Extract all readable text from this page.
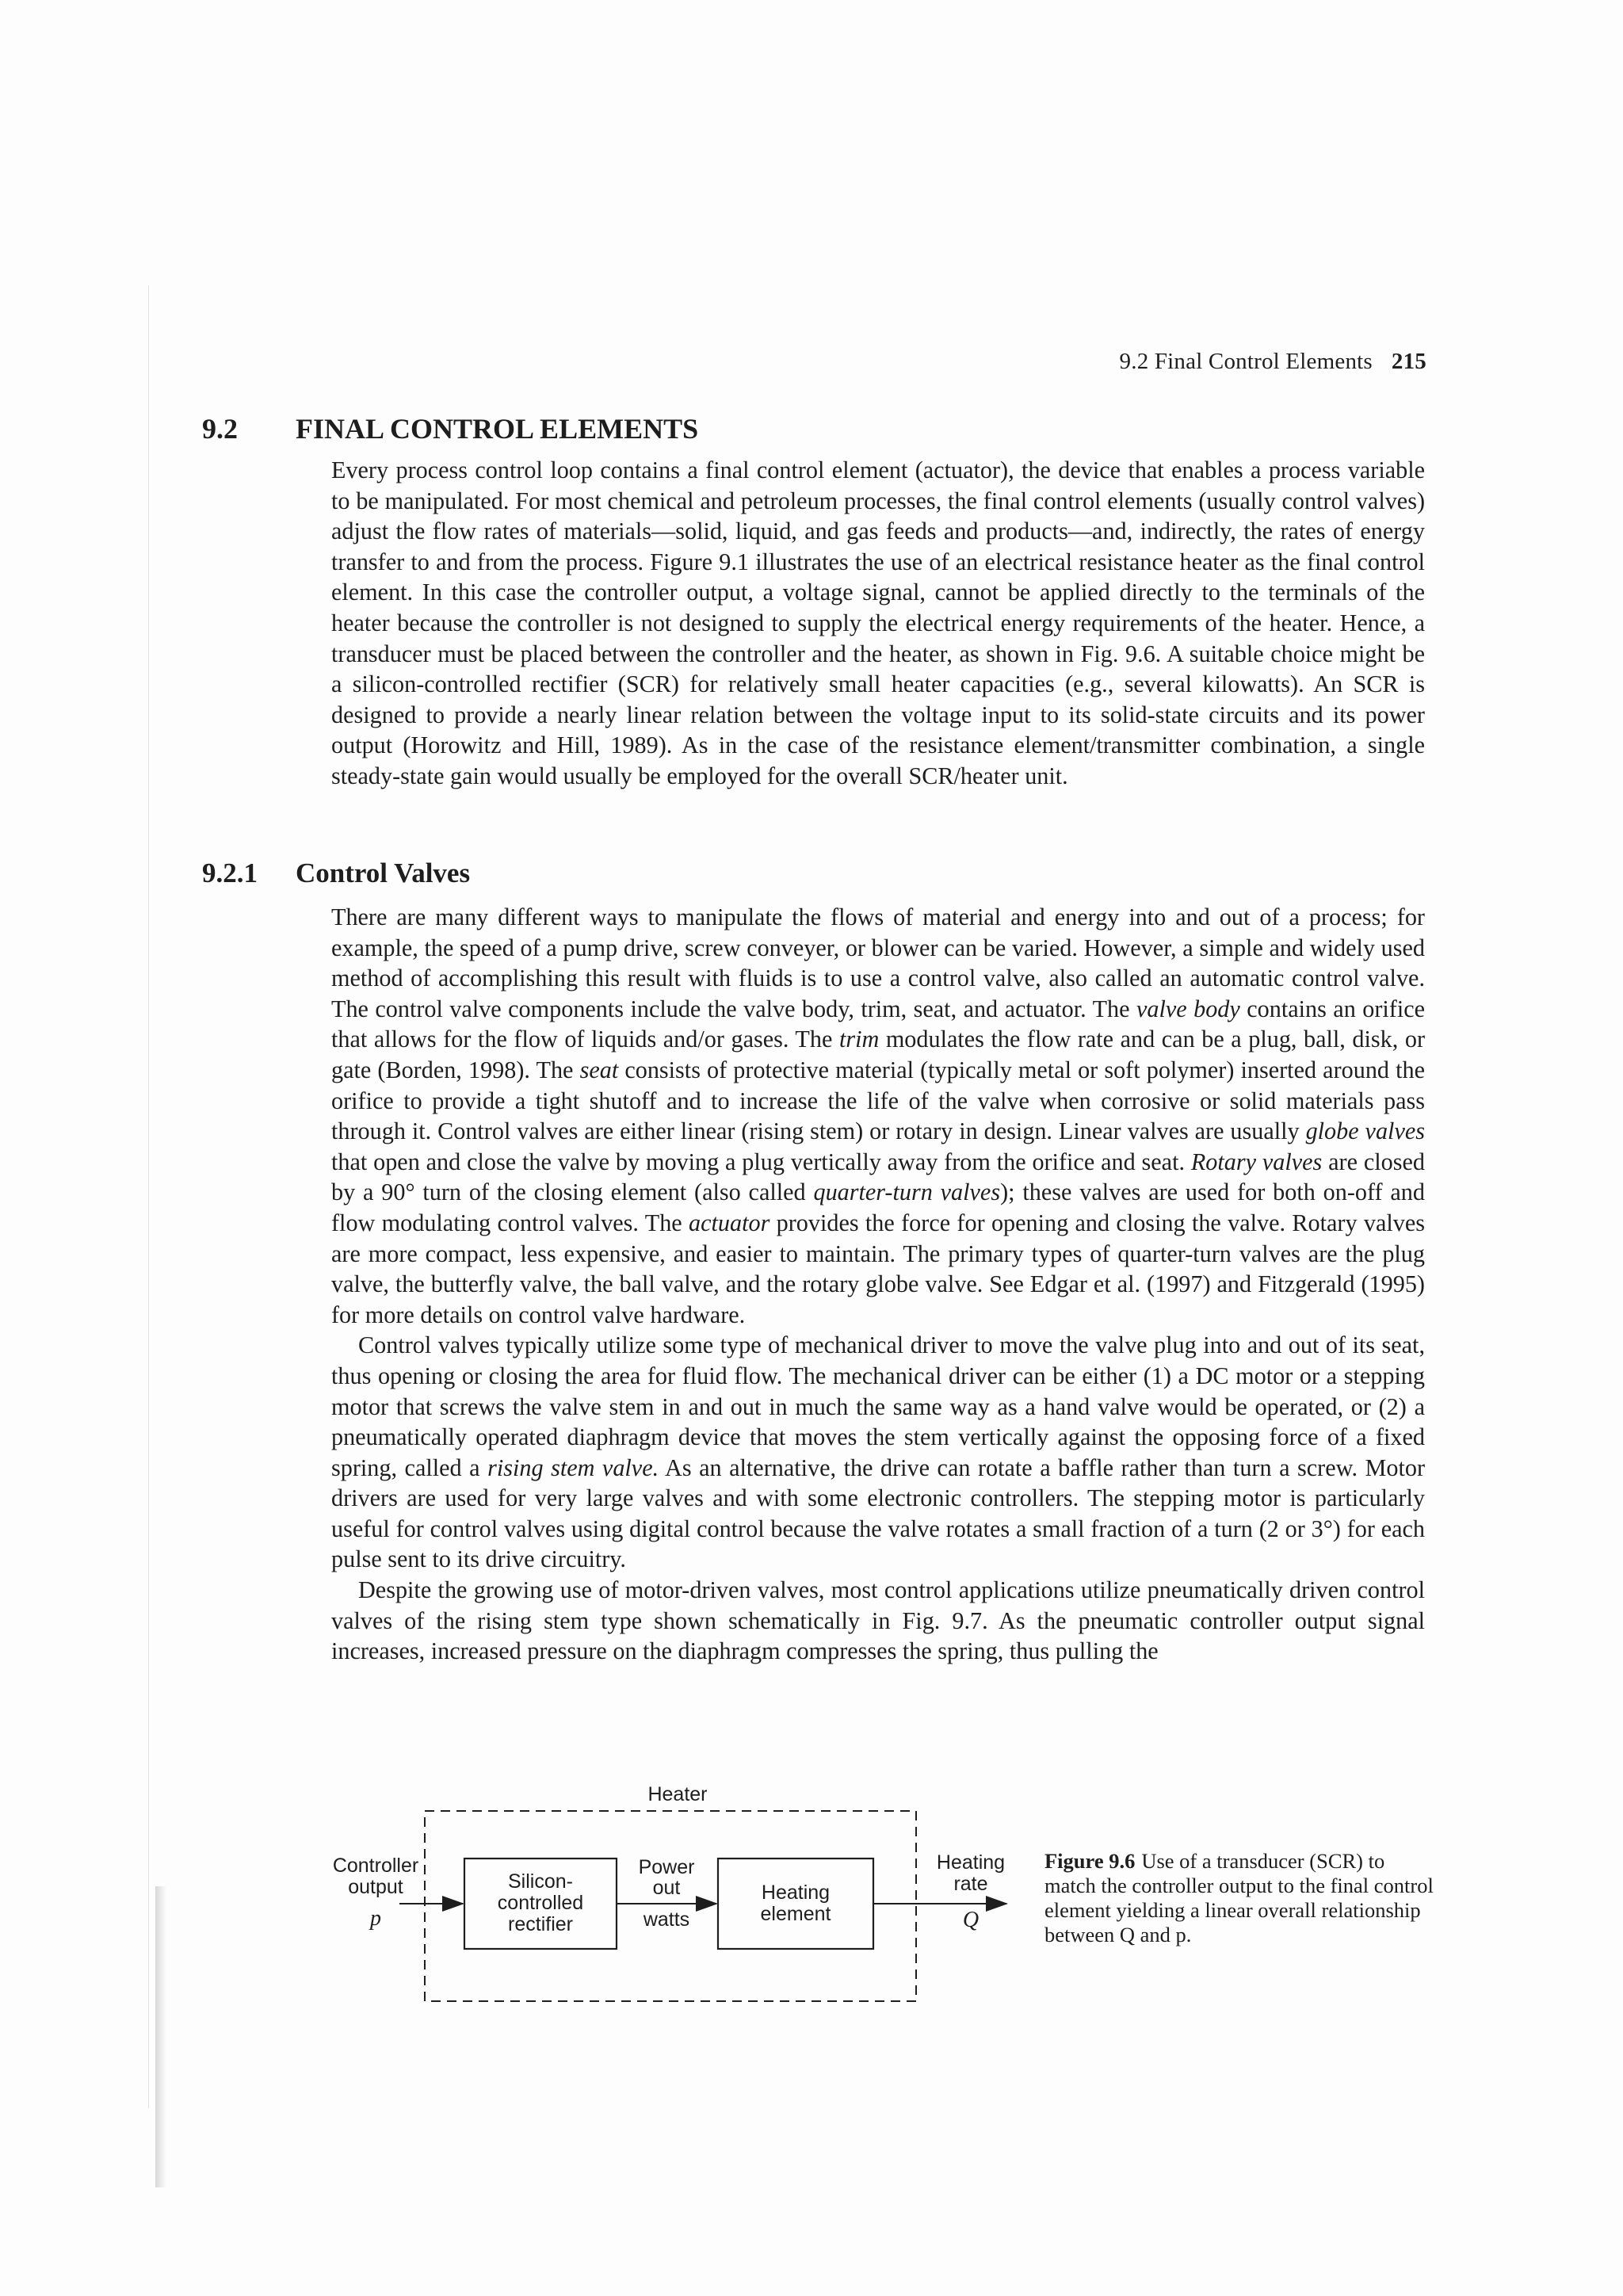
9.2 Final Control Elements 215
9.2 FINAL CONTROL ELEMENTS

Every process control loop contains a final control element (actuator), the device that enables a process variable to be manipulated. For most chemical and petroleum processes, the final control elements (usually control valves) adjust the flow rates of materials—solid, liquid, and gas feeds and products—and, indirectly, the rates of energy transfer to and from the process. Figure 9.1 illustrates the use of an electrical resistance heater as the final control element. In this case the controller output, a voltage signal, cannot be applied directly to the terminals of the heater because the controller is not designed to supply the electrical energy requirements of the heater. Hence, a transducer must be placed between the controller and the heater, as shown in Fig. 9.6. A suitable choice might be a silicon-controlled rectifier (SCR) for relatively small heater capacities (e.g., several kilowatts). An SCR is designed to provide a nearly linear relation between the voltage input to its solid-state circuits and its power output (Horowitz and Hill, 1989). As in the case of the resistance element/transmitter combination, a single steady-state gain would usually be employed for the overall SCR/heater unit.

9.2.1 Control Valves

There are many different ways to manipulate the flows of material and energy into and out of a process; for example, the speed of a pump drive, screw conveyer, or blower can be varied. However, a simple and widely used method of accomplishing this result with fluids is to use a control valve, also called an automatic control valve. The control valve components include the valve body, trim, seat, and actuator. The valve body contains an orifice that allows for the flow of liquids and/or gases. The trim modulates the flow rate and can be a plug, ball, disk, or gate (Borden, 1998). The seat consists of protective material (typically metal or soft polymer) inserted around the orifice to provide a tight shutoff and to increase the life of the valve when corrosive or solid materials pass through it. Control valves are either linear (rising stem) or rotary in design. Linear valves are usually globe valves that open and close the valve by moving a plug vertically away from the orifice and seat. Rotary valves are closed by a 90° turn of the closing element (also called quarter-turn valves); these valves are used for both on-off and flow modulating control valves. The actuator provides the force for opening and closing the valve. Rotary valves are more compact, less expensive, and easier to maintain. The primary types of quarter-turn valves are the plug valve, the butterfly valve, the ball valve, and the rotary globe valve. See Edgar et al. (1997) and Fitzgerald (1995) for more details on control valve hardware.

Control valves typically utilize some type of mechanical driver to move the valve plug into and out of its seat, thus opening or closing the area for fluid flow. The mechanical driver can be either (1) a DC motor or a stepping motor that screws the valve stem in and out in much the same way as a hand valve would be operated, or (2) a pneumatically operated diaphragm device that moves the stem vertically against the opposing force of a fixed spring, called a rising stem valve. As an alternative, the drive can rotate a baffle rather than turn a screw. Motor drivers are used for very large valves and with some electronic controllers. The stepping motor is particularly useful for control valves using digital control because the valve rotates a small fraction of a turn (2 or 3°) for each pulse sent to its drive circuitry.

Despite the growing use of motor-driven valves, most control applications utilize pneumatically driven control valves of the rising stem type shown schematically in Fig. 9.7. As the pneumatic controller output signal increases, increased pressure on the diaphragm compresses the spring, thus pulling the

Heater
Controller
output
p
Silicon-
controlled
rectifier
Power
out
watts
Heating
element
Heating
rate
Q
Figure 9.6 Use of a transducer (SCR) to match the controller output to the final control element yielding a linear overall relationship between Q and p.
